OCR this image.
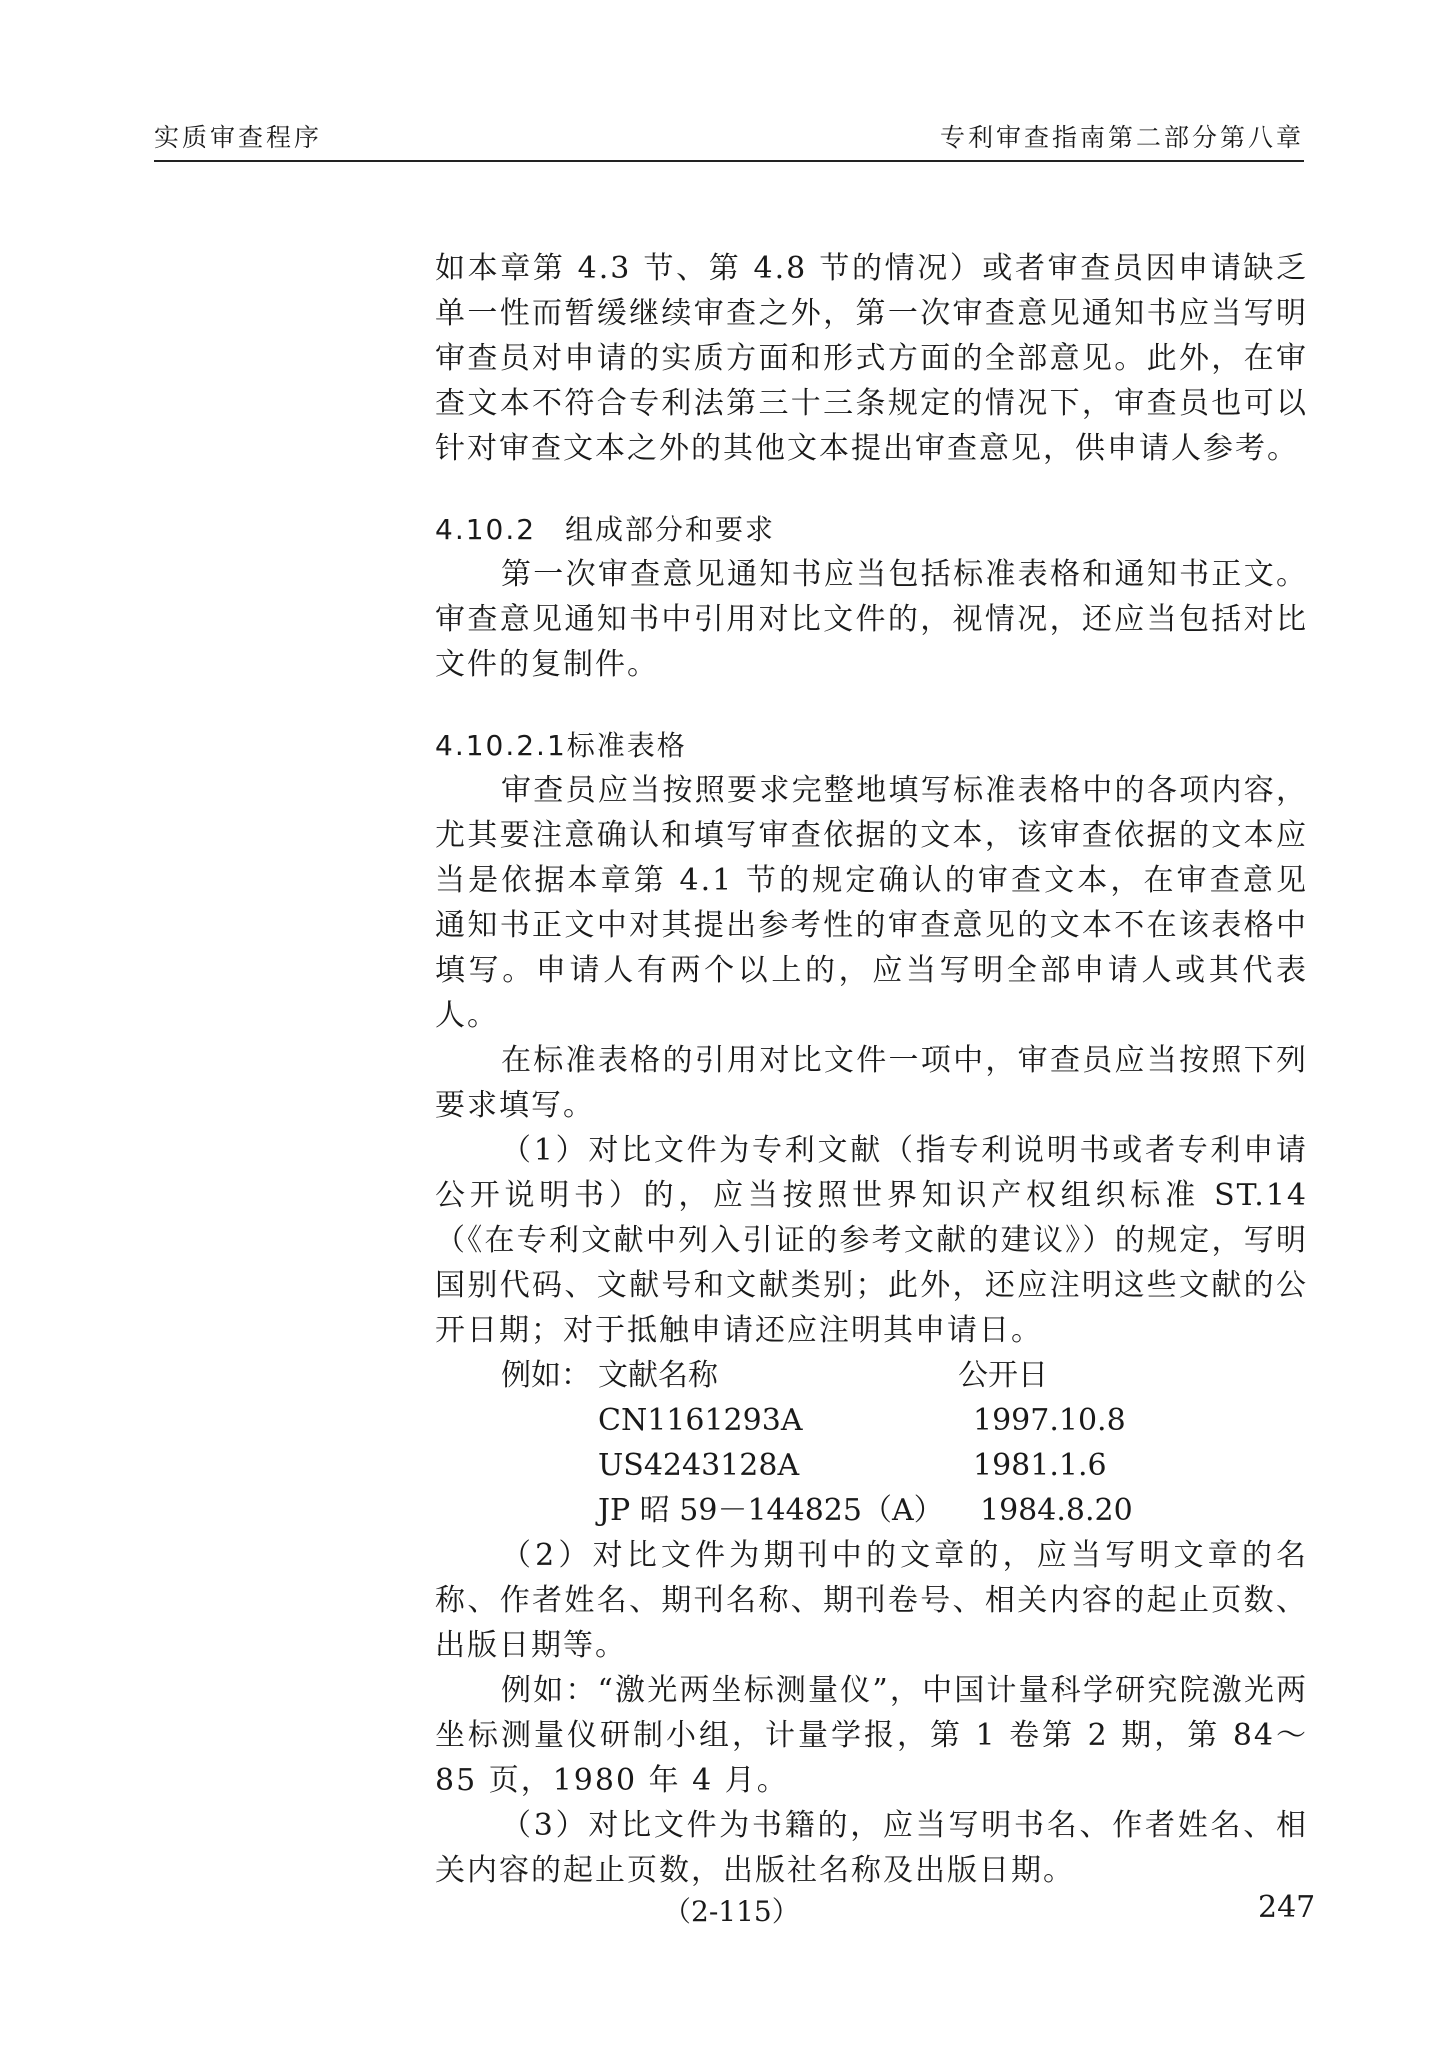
实质审查程序	专利审查指南第二部分第八章

如本章第 4.3 节、第 4.8 节的情况）或者审查员因申请缺乏单一性而暂缓继续审查之外，第一次审查意见通知书应当写明审查员对申请的实质方面和形式方面的全部意见。此外，在审查文本不符合专利法第三十三条规定的情况下，审查员也可以针对审查文本之外的其他文本提出审查意见，供申请人参考。

4.10.2 组成部分和要求

第一次审查意见通知书应当包括标准表格和通知书正文。审查意见通知书中引用对比文件的，视情况，还应当包括对比文件的复制件。

4.10.2.1标准表格

审查员应当按照要求完整地填写标准表格中的各项内容，尤其要注意确认和填写审查依据的文本，该审查依据的文本应当是依据本章第 4.1 节的规定确认的审查文本，在审查意见通知书正文中对其提出参考性的审查意见的文本不在该表格中填写。申请人有两个以上的，应当写明全部申请人或其代表人。

在标准表格的引用对比文件一项中，审查员应当按照下列要求填写。

（1）对比文件为专利文献（指专利说明书或者专利申请公开说明书）的，应当按照世界知识产权组织标准 ST.14（《在专利文献中列入引证的参考文献的建议》）的规定，写明国别代码、文献号和文献类别；此外，还应注明这些文献的公开日期；对于抵触申请还应注明其申请日。

例如： 文献名称	公开日
CN1161293A	1997.10.8
US4243128A	1981.1.6
JP 昭 59－144825（A） 1984.8.20

（2）对比文件为期刊中的文章的，应当写明文章的名称、作者姓名、期刊名称、期刊卷号、相关内容的起止页数、出版日期等。

例如：“激光两坐标测量仪”，中国计量科学研究院激光两坐标测量仪研制小组，计量学报，第 1 卷第 2 期，第 84～85 页，1980 年 4 月。

（3）对比文件为书籍的，应当写明书名、作者姓名、相关内容的起止页数，出版社名称及出版日期。

（2-115）	247
